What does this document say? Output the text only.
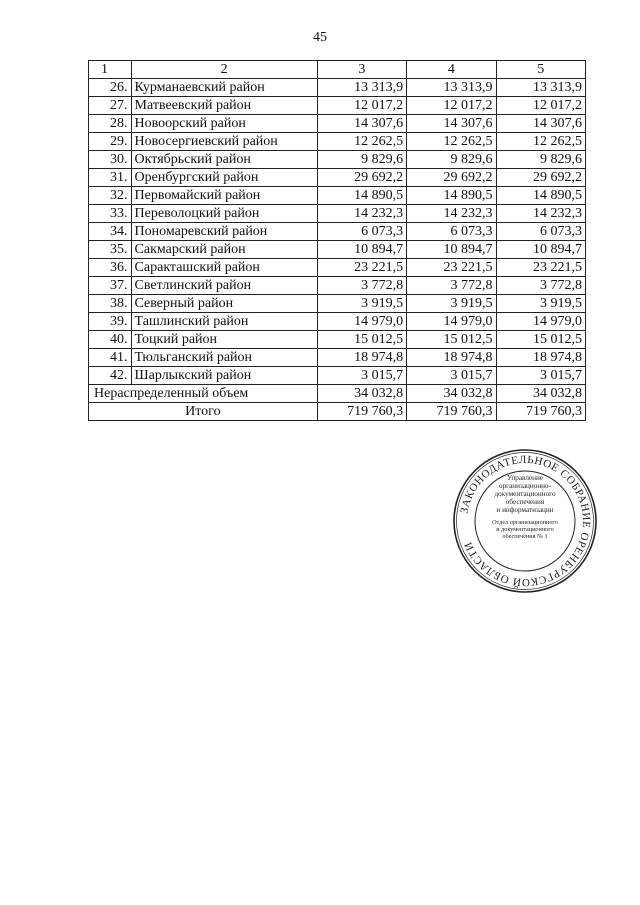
45
1	2	3	4	5
26.	Курманаевский район	13 313,9	13 313,9	13 313,9
27.	Матвеевский район	12 017,2	12 017,2	12 017,2
28.	Новоорский район	14 307,6	14 307,6	14 307,6
29.	Новосергиевский район	12 262,5	12 262,5	12 262,5
30.	Октябрьский район	9 829,6	9 829,6	9 829,6
31.	Оренбургский район	29 692,2	29 692,2	29 692,2
32.	Первомайский район	14 890,5	14 890,5	14 890,5
33.	Переволоцкий район	14 232,3	14 232,3	14 232,3
34.	Пономаревский район	6 073,3	6 073,3	6 073,3
35.	Сакмарский район	10 894,7	10 894,7	10 894,7
36.	Саракташский район	23 221,5	23 221,5	23 221,5
37.	Светлинский район	3 772,8	3 772,8	3 772,8
38.	Северный район	3 919,5	3 919,5	3 919,5
39.	Ташлинский район	14 979,0	14 979,0	14 979,0
40.	Тоцкий район	15 012,5	15 012,5	15 012,5
41.	Тюльганский район	18 974,8	18 974,8	18 974,8
42.	Шарлыкский район	3 015,7	3 015,7	3 015,7
Нераспределенный объем		34 032,8	34 032,8	34 032,8
Итого		719 760,3	719 760,3	719 760,3
ЗАКОНОДАТЕЛЬНОЕ СОБРАНИЕ ОРЕНБУРГСКОЙ ОБЛАСТИ
Управление
организационно-
документационного
обеспечения
и информатизации
Отдел организационного
и документационного
обеспечения № 1
